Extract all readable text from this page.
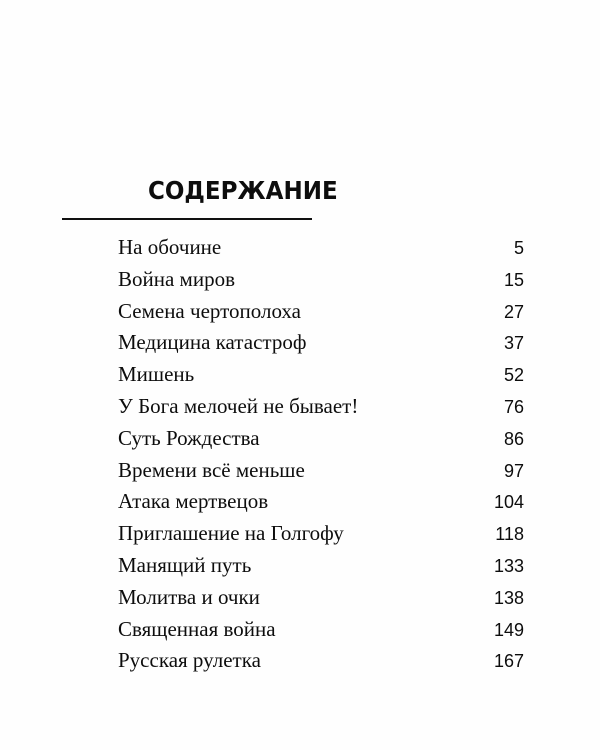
СОДЕРЖАНИЕ
На обочине	5
Война миров	15
Семена чертополоха	27
Медицина катастроф	37
Мишень	52
У Бога мелочей не бывает!	76
Суть Рождества	86
Времени всё меньше	97
Атака мертвецов	104
Приглашение на Голгофу	118
Манящий путь	133
Молитва и очки	138
Священная война	149
Русская рулетка	167
